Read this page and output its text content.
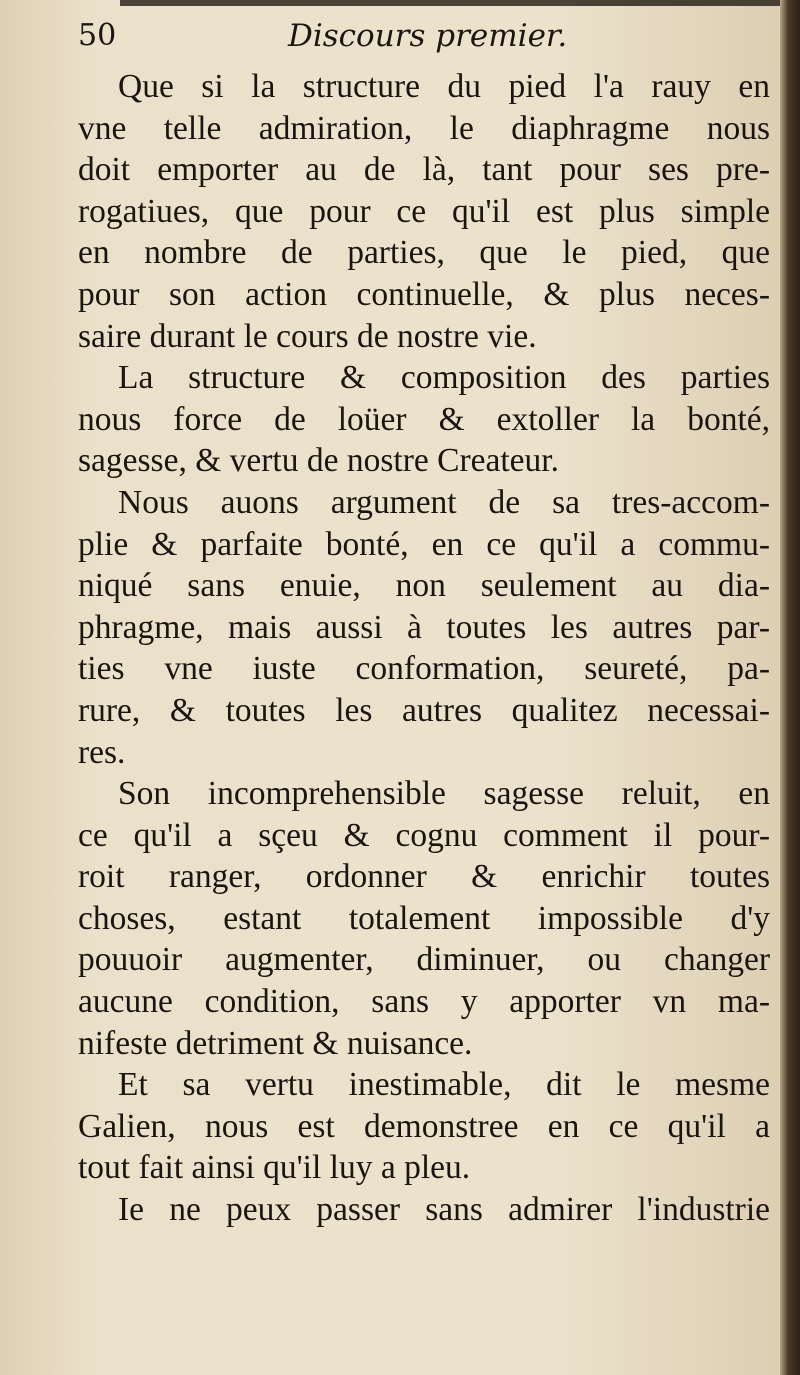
50	Discours premier.
Que si la structure du pied l'a rauy en
vne telle admiration, le diaphragme nous
doit emporter au de là, tant pour ses pre-
rogatiues, que pour ce qu'il est plus simple
en nombre de parties, que le pied, que
pour son action continuelle, & plus neces-
saire durant le cours de nostre vie.
La structure & composition des parties
nous force de loüer & extoller la bonté,
sagesse, & vertu de nostre Createur.
Nous auons argument de sa tres-accom-
plie & parfaite bonté, en ce qu'il a commu-
niqué sans enuie, non seulement au dia-
phragme, mais aussi à toutes les autres par-
ties vne iuste conformation, seureté, pa-
rure, & toutes les autres qualitez necessai-
res.
Son incomprehensible sagesse reluit, en
ce qu'il a sçeu & cognu comment il pour-
roit ranger, ordonner & enrichir toutes
choses, estant totalement impossible d'y
pouuoir augmenter, diminuer, ou changer
aucune condition, sans y apporter vn ma-
nifeste detriment & nuisance.
Et sa vertu inestimable, dit le mesme
Galien, nous est demonstree en ce qu'il a
tout fait ainsi qu'il luy a pleu.
Ie ne peux passer sans admirer l'industrie
